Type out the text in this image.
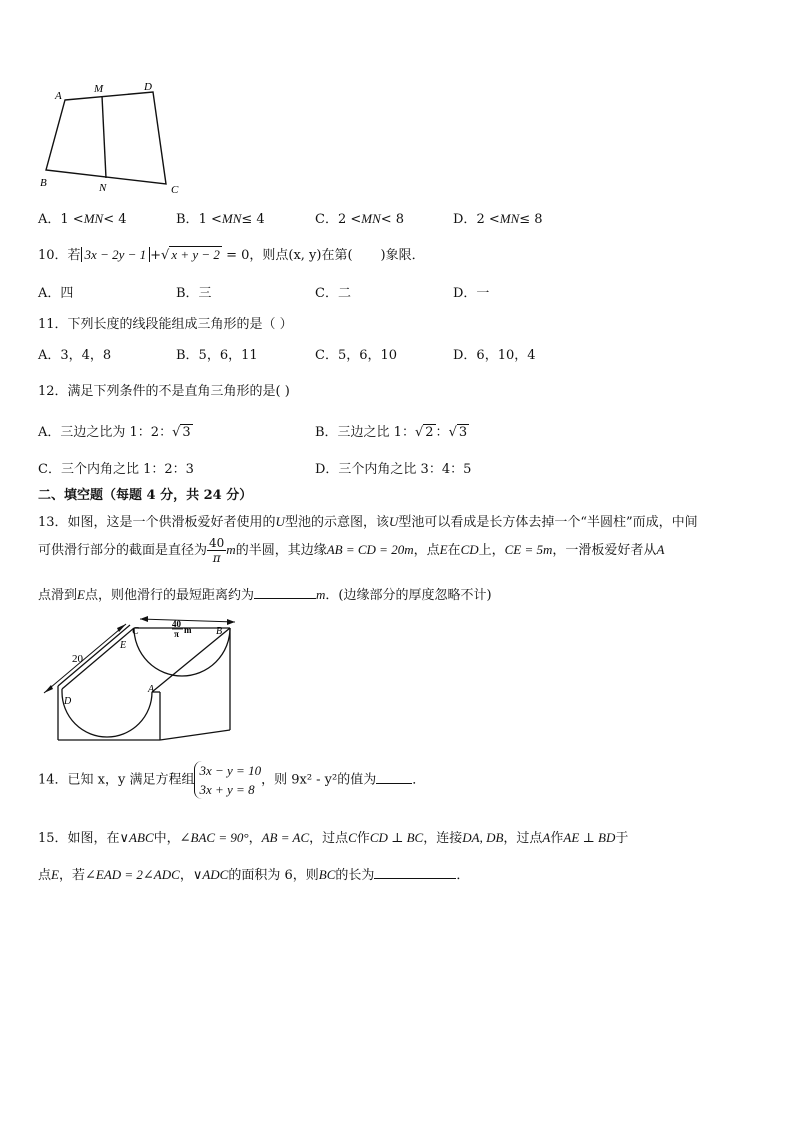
A
M	D
B	N	C
A．1 <MN< 4	B．1 <MN≤ 4	C．2 <MN< 8	D．2 <MN≤ 8
10．若 3x − 2y − 1 +√ x + y − 2 = 0，则点(x, y)在第( )象限．
A．四	B．三	C．二	D．一
11．下列长度的线段能组成三角形的是（ ）
A．3，4，8	B．5，6，11	C．5，6，10	D．6，10，4
12．满足下列条件的不是直角三角形的是( )
A．三边之比为 1：2：√ 3	B．三边之比 1：√ 2 ：√ 3
C．三个内角之比 1：2：3	D．三个内角之比 3：4：5
二、填空题（每题 4 分，共 24 分）
13．如图，这是一个供滑板爱好者使用的U型池的示意图，该U型池可以看成是长方体去掉一个“半圆柱”而成，中间
可供滑行部分的截面是直径为 $\frac{40}{\pi}$ m的半圆，其边缘AB = CD = 20m，点E在CD上，CE = 5m，一滑板爱好者从A
点滑到E点，则他滑行的最短距离约为	m．(边缘部分的厚度忽略不计)
20
C
E
B
D
A
40
π m
14．已知 x，y 满足方程组
3x − y = 10
3x + y = 8
，则 9x² - y²的值为	．
15．如图，在∨ABC中，∠BAC = 90°，AB = AC，过点C作CD ⊥ BC，连接DA, DB，过点A作AE ⊥ BD于
点E，若∠EAD = 2∠ADC，∨ADC的面积为 6，则BC的长为	．
